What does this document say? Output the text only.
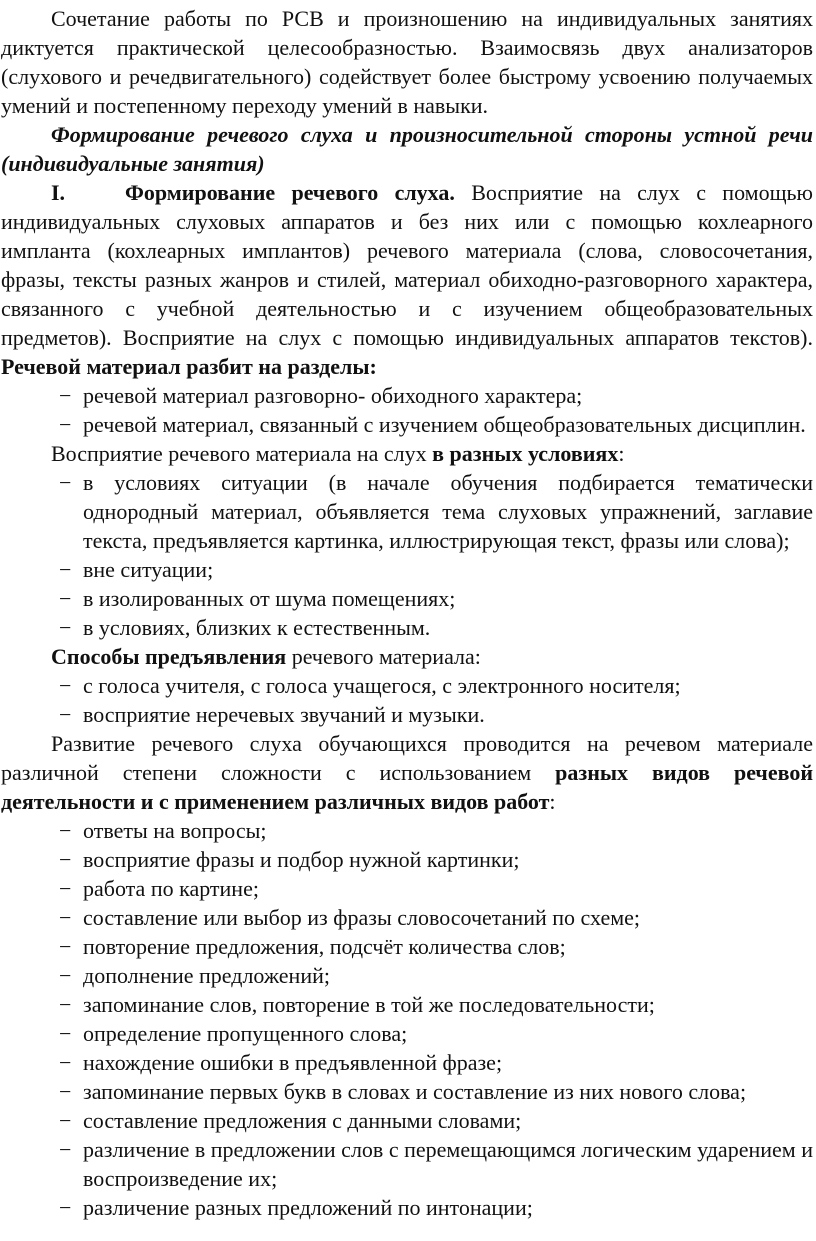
Сочетание работы по РСВ и произношению на индивидуальных занятиях диктуется практической целесообразностью. Взаимосвязь двух анализаторов (слухового и речедвигательного) содействует более быстрому усвоению получаемых умений и постепенному переходу умений в навыки.

Формирование речевого слуха и произносительной стороны устной речи (индивидуальные занятия)

I.	Формирование речевого слуха. Восприятие на слух с помощью индивидуальных слуховых аппаратов и без них или с помощью кохлеарного импланта (кохлеарных имплантов) речевого материала (слова, словосочетания, фразы, тексты разных жанров и стилей, материал обиходно-разговорного характера, связанного с учебной деятельностью и с изучением общеобразовательных предметов). Восприятие на слух с помощью индивидуальных аппаратов текстов). Речевой материал разбит на разделы:

− речевой материал разговорно- обиходного характера;
− речевой материал, связанный с изучением общеобразовательных дисциплин.

Восприятие речевого материала на слух в разных условиях:

− в условиях ситуации (в начале обучения подбирается тематически однородный материал, объявляется тема слуховых упражнений, заглавие текста, предъявляется картинка, иллюстрирующая текст, фразы или слова);
− вне ситуации;
− в изолированных от шума помещениях;
− в условиях, близких к естественным.

Способы предъявления речевого материала:

− с голоса учителя, с голоса учащегося, с электронного носителя;
− восприятие неречевых звучаний и музыки.

Развитие речевого слуха обучающихся проводится на речевом материале различной степени сложности с использованием разных видов речевой деятельности и с применением различных видов работ:

− ответы на вопросы;
− восприятие фразы и подбор нужной картинки;
− работа по картине;
− составление или выбор из фразы словосочетаний по схеме;
− повторение предложения, подсчёт количества слов;
− дополнение предложений;
− запоминание слов, повторение в той же последовательности;
− определение пропущенного слова;
− нахождение ошибки в предъявленной фразе;
− запоминание первых букв в словах и составление из них нового слова;
− составление предложения с данными словами;
− различение в предложении слов с перемещающимся логическим ударением и воспроизведение их;
− различение разных предложений по интонации;
